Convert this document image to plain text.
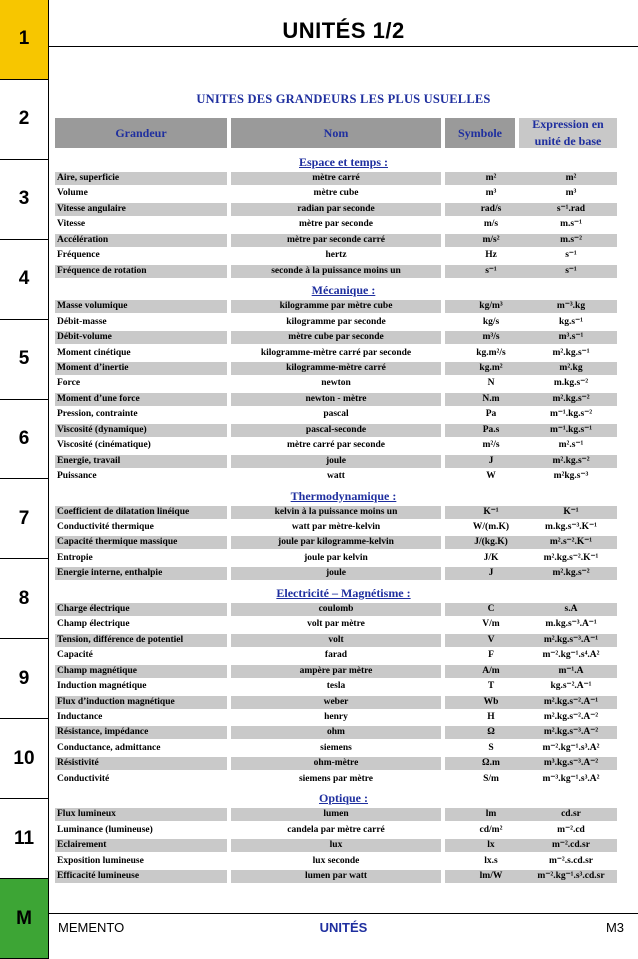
1
2
3
4
5
6
7
8
9
10
11
M
UNITÉS 1/2
UNITES DES GRANDEURS LES PLUS USUELLES
Grandeur	Nom	Symbole
Expression en unité de base
Espace et temps :
Aire, superficie	mètre carré	m²	m²
Volume	mètre cube	m³	m³
Vitesse angulaire	radian par seconde	rad/s	s⁻¹.rad
Vitesse	mètre par seconde	m/s	m.s⁻¹
Accélération	mètre par seconde carré	m/s²	m.s⁻²
Fréquence	hertz	Hz	s⁻¹
Fréquence de rotation	seconde à la puissance moins un	s⁻¹	s⁻¹
Mécanique :
Masse volumique	kilogramme par mètre cube	kg/m³	m⁻³.kg
Débit-masse	kilogramme par seconde	kg/s	kg.s⁻¹
Débit-volume	mètre cube par seconde	m³/s	m³.s⁻¹
Moment cinétique	kilogramme-mètre carré par seconde	kg.m²/s	m².kg.s⁻¹
Moment d’inertie	kilogramme-mètre carré	kg.m²	m².kg
Force	newton	N	m.kg.s⁻²
Moment d’une force	newton - mètre	N.m	m².kg.s⁻²
Pression, contrainte	pascal	Pa	m⁻¹.kg.s⁻²
Viscosité (dynamique)	pascal-seconde	Pa.s	m⁻¹.kg.s⁻¹
Viscosité (cinématique)	mètre carré par seconde	m²/s	m².s⁻¹
Energie, travail	joule	J	m².kg.s⁻²
Puissance	watt	W	m²kg.s⁻³
Thermodynamique :
Coefficient de dilatation linéique	kelvin à la puissance moins un	K⁻¹	K⁻¹
Conductivité thermique	watt par mètre-kelvin	W/(m.K)	m.kg.s⁻³.K⁻¹
Capacité thermique massique	joule par kilogramme-kelvin	J/(kg.K)	m².s⁻².K⁻¹
Entropie	joule par kelvin	J/K	m².kg.s⁻².K⁻¹
Energie interne, enthalpie	joule	J	m².kg.s⁻²
Electricité – Magnétisme :
Charge électrique	coulomb	C	s.A
Champ électrique	volt par mètre	V/m	m.kg.s⁻³.A⁻¹
Tension, différence de potentiel	volt	V	m².kg.s⁻³.A⁻¹
Capacité	farad	F	m⁻².kg⁻¹.s⁴.A²
Champ magnétique	ampère par mètre	A/m	m⁻¹.A
Induction magnétique	tesla	T	kg.s⁻².A⁻¹
Flux d’induction magnétique	weber	Wb	m².kg.s⁻².A⁻¹
Inductance	henry	H	m².kg.s⁻².A⁻²
Résistance, impédance	ohm	Ω	m².kg.s⁻³.A⁻²
Conductance, admittance	siemens	S	m⁻².kg⁻¹.s³.A²
Résistivité	ohm-mètre	Ω.m	m³.kg.s⁻³.A⁻²
Conductivité	siemens par mètre	S/m	m⁻³.kg⁻¹.s³.A²
Optique :
Flux lumineux	lumen	lm	cd.sr
Luminance (lumineuse)	candela par mètre carré	cd/m²	m⁻².cd
Eclairement	lux	lx	m⁻².cd.sr
Exposition lumineuse	lux seconde	lx.s	m⁻².s.cd.sr
Efficacité lumineuse	lumen par watt	lm/W	m⁻².kg⁻¹.s³.cd.sr
MEMENTO	UNITÉS	M3
